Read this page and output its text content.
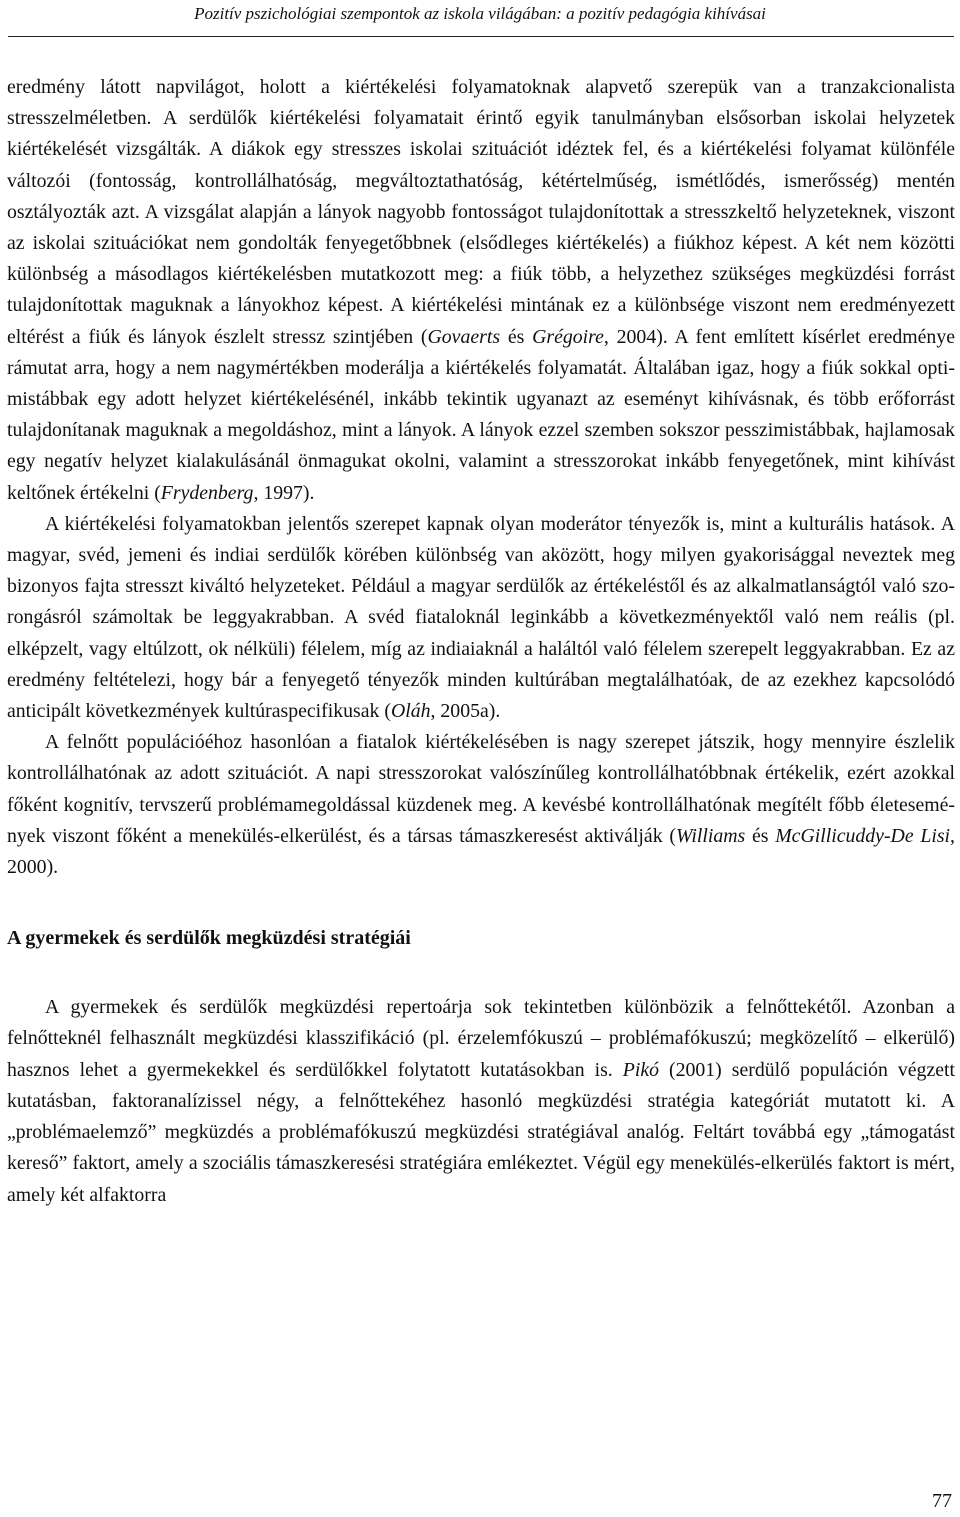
Pozitív pszichológiai szempontok az iskola világában: a pozitív pedagógia kihívásai

eredmény látott napvilágot, holott a kiértékelési folyamatoknak alapvető szerepük van a tranzakcionalista stresszelméletben. A serdülők kiértékelési folyamatait érintő egyik tanulmányban elsősorban iskolai helyzetek kiértékelését vizsgálták. A diákok egy stresszes iskolai szituációt idéztek fel, és a kiértékelési folyamat különféle változói (fontosság, kontrollálhatóság, megváltoztathatóság, kétértelműség, ismétlődés, ismerősség) mentén osztályozták azt. A vizsgálat alapján a lányok nagyobb fontosságot tulajdonítottak a stresszkeltő helyzeteknek, viszont az iskolai szituációkat nem gondolták fenyegetőbbnek (elsődleges kiértékelés) a fiúkhoz képest. A két nem közötti különbség a másodlagos kiértékelésben mutatkozott meg: a fiúk több, a helyzethez szükséges megküzdési forrást tulajdonítottak maguknak a lányokhoz képest. A kiértékelési mintának ez a különbsége viszont nem eredményezett eltérést a fiúk és lányok észlelt stressz szintjében (Govaerts és Grégoire, 2004). A fent említett kísérlet eredménye rámutat arra, hogy a nem nagymértékben moderálja a kiértékelés folyamatát. Általában igaz, hogy a fiúk sokkal optimistábbak egy adott helyzet kiértékelésénél, inkább tekintik ugyanazt az eseményt kihívásnak, és több erőforrást tulajdonítanak maguknak a megoldáshoz, mint a lányok. A lányok ezzel szemben sokszor pesszimistábbak, hajlamosak egy negatív helyzet kialakulásánál önmagukat okolni, valamint a stresszorokat inkább fenyegetőnek, mint kihívást keltőnek értékelni (Frydenberg, 1997).

A kiértékelési folyamatokban jelentős szerepet kapnak olyan moderátor tényezők is, mint a kulturális hatások. A magyar, svéd, jemeni és indiai serdülők körében különbség van aközött, hogy milyen gyakorisággal neveztek meg bizonyos fajta stresszt kiváltó helyzeteket. Például a magyar serdülők az értékeléstől és az alkalmatlanságtól való szorongásról számoltak be leggyakrabban. A svéd fiataloknál leginkább a következményektől való nem reális (pl. elképzelt, vagy eltúlzott, ok nélküli) félelem, míg az indiaiaknál a haláltól való félelem szerepelt leggyakrabban. Ez az eredmény feltételezi, hogy bár a fenyegető tényezők minden kultúrában megtalálhatóak, de az ezekhez kapcsolódó anticipált következmények kultúraspecifikusak (Oláh, 2005a).

A felnőtt populációéhoz hasonlóan a fiatalok kiértékelésében is nagy szerepet játszik, hogy mennyire észlelik kontrollálhatónak az adott szituációt. A napi stresszorokat valószínűleg kontrollálhatóbbnak értékelik, ezért azokkal főként kognitív, tervszerű problémamegoldással küzdenek meg. A kevésbé kontrollálhatónak megítélt főbb életesemények viszont főként a menekülés-elkerülést, és a társas támaszkeresést aktiválják (Williams és McGillicuddy-De Lisi, 2000).

A gyermekek és serdülők megküzdési stratégiái

A gyermekek és serdülők megküzdési repertoárja sok tekintetben különbözik a felnőttekétől. Azonban a felnőtteknél felhasznált megküzdési klasszifikáció (pl. érzelemfókuszú – problémafókuszú; megközelítő – elkerülő) hasznos lehet a gyermekekkel és serdülőkkel folytatott kutatásokban is. Pikó (2001) serdülő populáción végzett kutatásban, faktoranalízissel négy, a felnőttekéhez hasonló megküzdési stratégia kategóriát mutatott ki. A „problémaelemző” megküzdés a problémafókuszú megküzdési stratégiával analóg. Feltárt továbbá egy „támogatást kereső” faktort, amely a szociális támaszkeresési stratégiára emlékeztet. Végül egy menekülés-elkerülés faktort is mért, amely két alfaktorra

77
